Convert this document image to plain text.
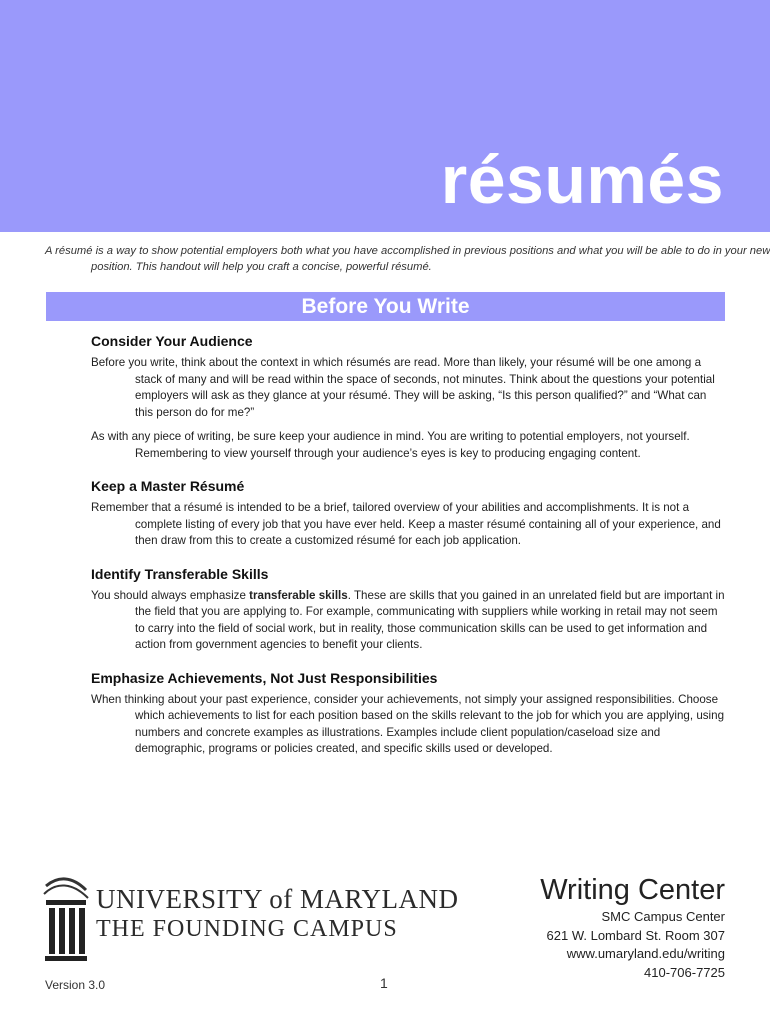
résumés
A résumé is a way to show potential employers both what you have accomplished in previous positions and what you will be able to do in your new position. This handout will help you craft a concise, powerful résumé.
Before You Write
Consider Your Audience

Before you write, think about the context in which résumés are read. More than likely, your résumé will be one among a stack of many and will be read within the space of seconds, not minutes. Think about the questions your potential employers will ask as they glance at your résumé. They will be asking, “Is this person qualified?” and “What can this person do for me?”

As with any piece of writing, be sure keep your audience in mind. You are writing to potential employers, not yourself. Remembering to view yourself through your audience’s eyes is key to producing engaging content.

Keep a Master Résumé

Remember that a résumé is intended to be a brief, tailored overview of your abilities and accomplishments. It is not a complete listing of every job that you have ever held. Keep a master résumé containing all of your experience, and then draw from this to create a customized résumé for each job application.

Identify Transferable Skills

You should always emphasize transferable skills. These are skills that you gained in an unrelated field but are important in the field that you are applying to. For example, communicating with suppliers while working in retail may not seem to carry into the field of social work, but in reality, those communication skills can be used to get information and action from government agencies to benefit your clients.

Emphasize Achievements, Not Just Responsibilities

When thinking about your past experience, consider your achievements, not simply your assigned responsibilities. Choose which achievements to list for each position based on the skills relevant to the job for which you are applying, using numbers and concrete examples as illustrations. Examples include client population/caseload size and demographic, programs or policies created, and specific skills used or developed.

UNIVERSITY of MARYLAND
THE FOUNDING CAMPUS
Version 3.0	1
Writing Center
SMC Campus Center
621 W. Lombard St. Room 307
www.umaryland.edu/writing
410-706-7725
